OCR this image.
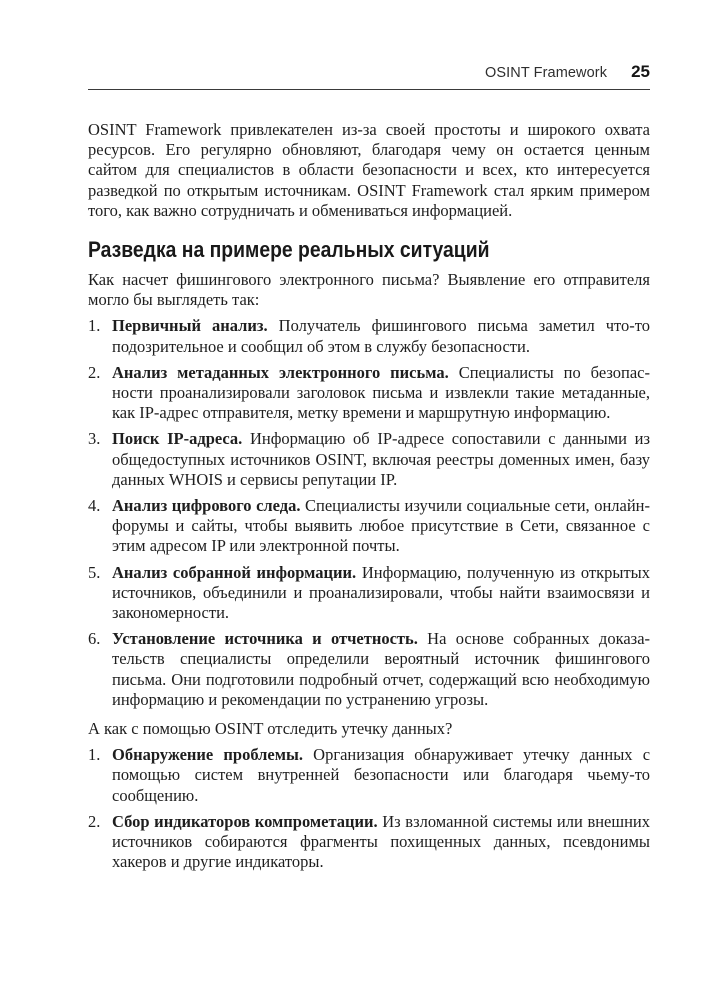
OSINT Framework 25

OSINT Framework привлекателен из-за своей простоты и широкого охвата ресурсов. Его регулярно обновляют, благодаря чему он остается ценным сайтом для специалистов в области безопасности и всех, кто интересуется разведкой по открытым источникам. OSINT Framework стал ярким примером того, как важно сотрудничать и обмениваться информацией.

Разведка на примере реальных ситуаций

Как насчет фишингового электронного письма? Выявление его отправителя могло бы выглядеть так:

1. Первичный анализ. Получатель фишингового письма заметил что-то подозрительное и сообщил об этом в службу безопасности.

2. Анализ метаданных электронного письма. Специалисты по безопасности проанализировали заголовок письма и извлекли такие метаданные, как IP-адрес отправителя, метку времени и маршрутную информацию.

3. Поиск IP-адреса. Информацию об IP-адресе сопоставили с данными из общедоступных источников OSINT, включая реестры доменных имен, базу данных WHOIS и сервисы репутации IP.

4. Анализ цифрового следа. Специалисты изучили социальные сети, онлайн-форумы и сайты, чтобы выявить любое присутствие в Сети, связанное с этим адресом IP или электронной почты.

5. Анализ собранной информации. Информацию, полученную из открытых источников, объединили и проанализировали, чтобы найти взаимосвязи и закономерности.

6. Установление источника и отчетность. На основе собранных доказательств специалисты определили вероятный источник фишингового письма. Они подготовили подробный отчет, содержащий всю необходимую информацию и рекомендации по устранению угрозы.

А как с помощью OSINT отследить утечку данных?

1. Обнаружение проблемы. Организация обнаруживает утечку данных с помощью систем внутренней безопасности или благодаря чьему-то сообщению.

2. Сбор индикаторов компрометации. Из взломанной системы или внешних источников собираются фрагменты похищенных данных, псевдонимы хакеров и другие индикаторы.
